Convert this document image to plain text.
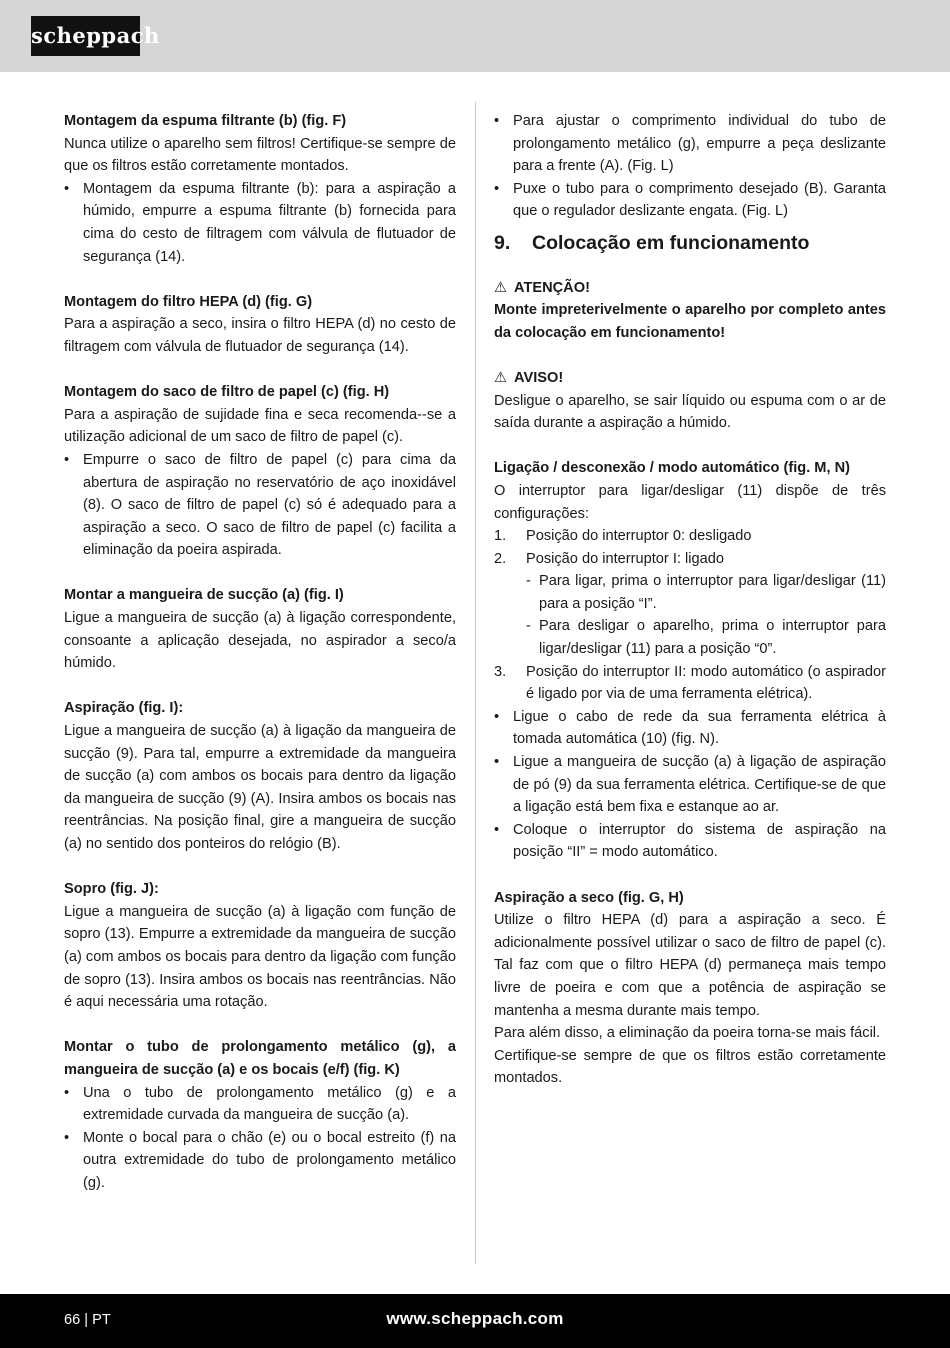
scheppach

Montagem da espuma filtrante (b) (fig. F)

Nunca utilize o aparelho sem filtros! Certifique-se sempre de que os filtros estão corretamente montados.

• Montagem da espuma filtrante (b): para a aspiração a húmido, empurre a espuma filtrante (b) fornecida para cima do cesto de filtragem com válvula de flutuador de segurança (14).

Montagem do filtro HEPA (d) (fig. G)

Para a aspiração a seco, insira o filtro HEPA (d) no cesto de filtragem com válvula de flutuador de segurança (14).

Montagem do saco de filtro de papel (c) (fig. H)

Para a aspiração de sujidade fina e seca recomenda--se a utilização adicional de um saco de filtro de papel (c).

• Empurre o saco de filtro de papel (c) para cima da abertura de aspiração no reservatório de aço inoxidável (8). O saco de filtro de papel (c) só é adequado para a aspiração a seco. O saco de filtro de papel (c) facilita a eliminação da poeira aspirada.

Montar a mangueira de sucção (a) (fig. I)

Ligue a mangueira de sucção (a) à ligação correspondente, consoante a aplicação desejada, no aspirador a seco/a húmido.

Aspiração (fig. I):

Ligue a mangueira de sucção (a) à ligação da mangueira de sucção (9). Para tal, empurre a extremidade da mangueira de sucção (a) com ambos os bocais para dentro da ligação da mangueira de sucção (9) (A). Insira ambos os bocais nas reentrâncias. Na posição final, gire a mangueira de sucção (a) no sentido dos ponteiros do relógio (B).

Sopro (fig. J):

Ligue a mangueira de sucção (a) à ligação com função de sopro (13). Empurre a extremidade da mangueira de sucção (a) com ambos os bocais para dentro da ligação com função de sopro (13). Insira ambos os bocais nas reentrâncias. Não é aqui necessária uma rotação.

Montar o tubo de prolongamento metálico (g), a mangueira de sucção (a) e os bocais (e/f) (fig. K)

• Una o tubo de prolongamento metálico (g) e a extremidade curvada da mangueira de sucção (a).

• Monte o bocal para o chão (e) ou o bocal estreito (f) na outra extremidade do tubo de prolongamento metálico (g).

• Para ajustar o comprimento individual do tubo de prolongamento metálico (g), empurre a peça deslizante para a frente (A). (Fig. L)

• Puxe o tubo para o comprimento desejado (B). Garanta que o regulador deslizante engata. (Fig. L)

9. Colocação em funcionamento

⚠ ATENÇÃO!

Monte impreterivelmente o aparelho por completo antes da colocação em funcionamento!

⚠ AVISO!

Desligue o aparelho, se sair líquido ou espuma com o ar de saída durante a aspiração a húmido.

Ligação / desconexão / modo automático (fig. M, N)

O interruptor para ligar/desligar (11) dispõe de três configurações:

1. Posição do interruptor 0: desligado

2. Posição do interruptor I: ligado

- Para ligar, prima o interruptor para ligar/desligar (11) para a posição “I”.

- Para desligar o aparelho, prima o interruptor para ligar/desligar (11) para a posição “0”.

3. Posição do interruptor II: modo automático (o aspirador é ligado por via de uma ferramenta elétrica).

• Ligue o cabo de rede da sua ferramenta elétrica à tomada automática (10) (fig. N).

• Ligue a mangueira de sucção (a) à ligação de aspiração de pó (9) da sua ferramenta elétrica. Certifique-se de que a ligação está bem fixa e estanque ao ar.

• Coloque o interruptor do sistema de aspiração na posição “II” = modo automático.

Aspiração a seco (fig. G, H)

Utilize o filtro HEPA (d) para a aspiração a seco. É adicionalmente possível utilizar o saco de filtro de papel (c). Tal faz com que o filtro HEPA (d) permaneça mais tempo livre de poeira e com que a potência de aspiração se mantenha a mesma durante mais tempo.

Para além disso, a eliminação da poeira torna-se mais fácil.

Certifique-se sempre de que os filtros estão corretamente montados.

66 | PT	www.scheppach.com
